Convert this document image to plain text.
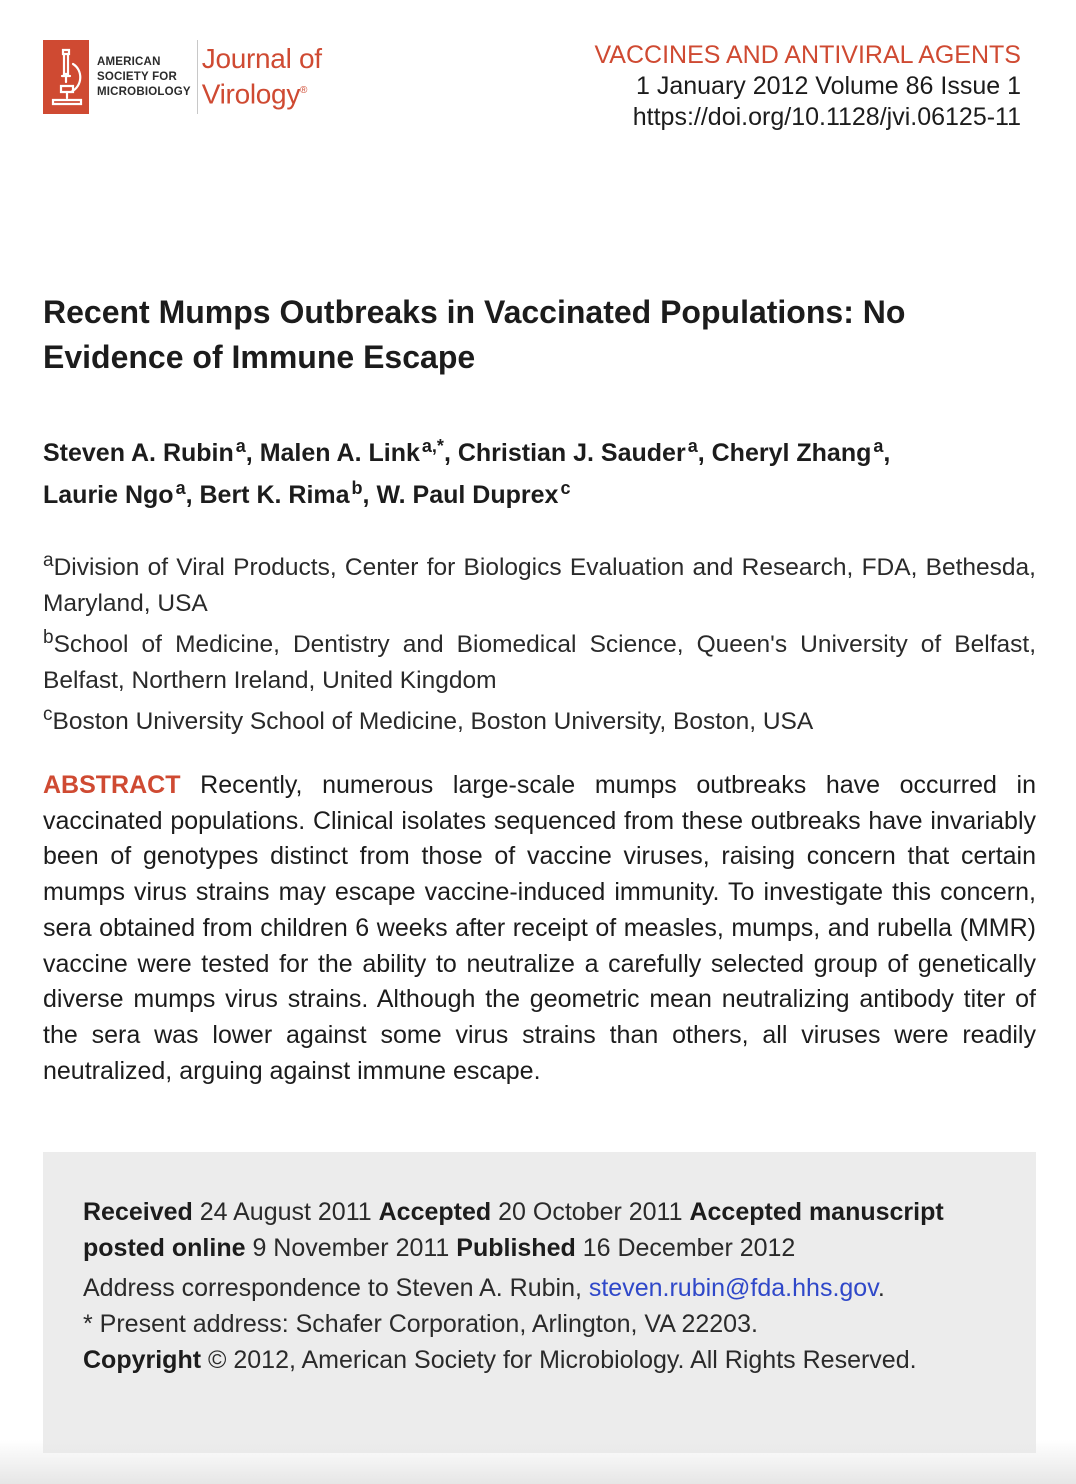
AMERICAN
SOCIETY FOR
MICROBIOLOGY
Journal of
Virology®
VACCINES AND ANTIVIRAL AGENTS
1 January 2012 Volume 86 Issue 1
https://doi.org/10.1128/jvi.06125-11
Recent Mumps Outbreaks in Vaccinated Populations: No Evidence of Immune Escape
Steven A. Rubin $^a$, Malen A. Link $^{a,*}$, Christian J. Sauder $^a$, Cheryl Zhang $^a$,
Laurie Ngo $^a$, Bert K. Rima $^b$, W. Paul Duprex $^c$

$^a$Division of Viral Products, Center for Biologics Evaluation and Research, FDA, Bethesda, Maryland, USA

$^b$School of Medicine, Dentistry and Biomedical Science, Queen's University of Belfast, Belfast, Northern Ireland, United Kingdom

$^c$Boston University School of Medicine, Boston University, Boston, USA

ABSTRACT Recently, numerous large-scale mumps outbreaks have occurred in vaccinated populations. Clinical isolates sequenced from these outbreaks have invariably been of genotypes distinct from those of vaccine viruses, raising concern that certain mumps virus strains may escape vaccine-induced immunity. To investigate this concern, sera obtained from children 6 weeks after receipt of measles, mumps, and rubella (MMR) vaccine were tested for the ability to neutralize a carefully selected group of genetically diverse mumps virus strains. Although the geometric mean neutralizing antibody titer of the sera was lower against some virus strains than others, all viruses were readily neutralized, arguing against immune escape.

Received 24 August 2011 Accepted 20 October 2011 Accepted manuscript posted online 9 November 2011 Published 16 December 2012

Address correspondence to Steven A. Rubin, steven.rubin@fda.hhs.gov.

* Present address: Schafer Corporation, Arlington, VA 22203.

Copyright © 2012, American Society for Microbiology. All Rights Reserved.
